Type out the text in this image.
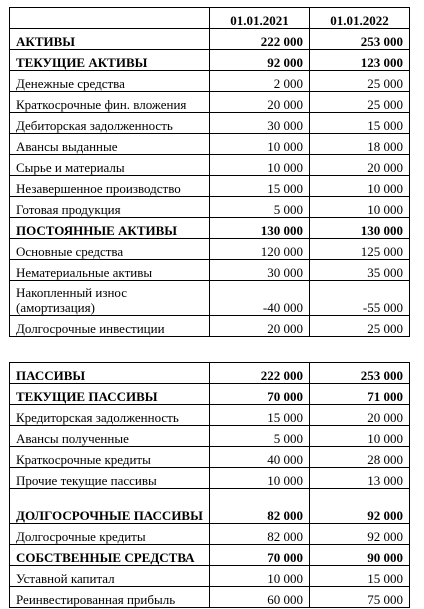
	01.01.2021	01.01.2022
АКТИВЫ	222 000	253 000
ТЕКУЩИЕ АКТИВЫ	92 000	123 000
Денежные средства	2 000	25 000
Краткосрочные фин. вложения	20 000	25 000
Дебиторская задолженность	30 000	15 000
Авансы выданные	10 000	18 000
Сырье и материалы	10 000	20 000
Незавершенное производство	15 000	10 000
Готовая продукция	5 000	10 000
ПОСТОЯННЫЕ АКТИВЫ	130 000	130 000
Основные средства	120 000	125 000
Нематериальные активы	30 000	35 000
Накопленный износ (амортизация)	-40 000	-55 000
Долгосрочные инвестиции	20 000	25 000
ПАССИВЫ	222 000	253 000
ТЕКУЩИЕ ПАССИВЫ	70 000	71 000
Кредиторская задолженность	15 000	20 000
Авансы полученные	5 000	10 000
Краткосрочные кредиты	40 000	28 000
Прочие текущие пассивы	10 000	13 000
ДОЛГОСРОЧНЫЕ ПАССИВЫ	82 000	92 000
Долгосрочные кредиты	82 000	92 000
СОБСТВЕННЫЕ СРЕДСТВА	70 000	90 000
Уставной капитал	10 000	15 000
Реинвестированная прибыль	60 000	75 000
